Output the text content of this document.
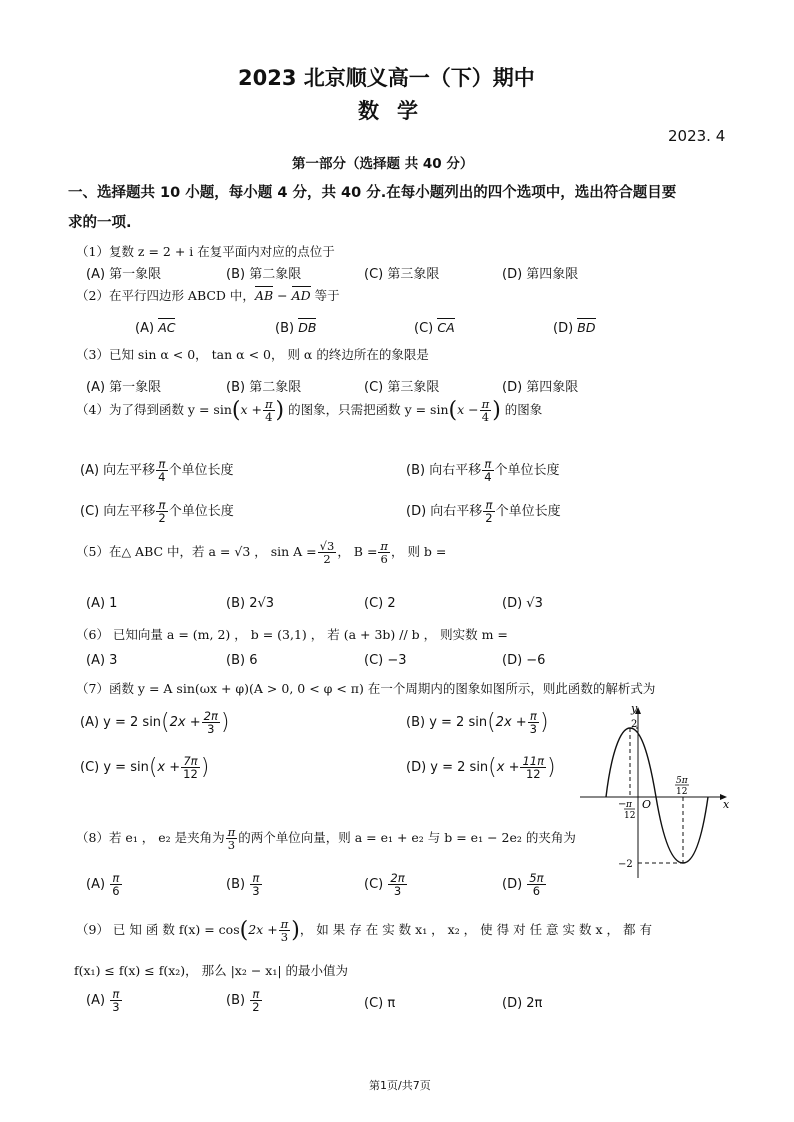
2023 北京顺义高一（下）期中
数学
2023. 4
第一部分（选择题 共 40 分）
一、选择题共 10 小题，每小题 4 分，共 40 分.在每小题列出的四个选项中，选出符合题目要
求的一项.
（1）复数 z = 2 + i 在复平面内对应的点位于
(A) 第一象限	(B) 第二象限	(C) 第三象限	(D) 第四象限
（2）在平行四边形 ABCD 中，AB − AD 等于
(A) AC	(B) DB	(C) CA	(D) BD
（3）已知 sin α < 0， tan α < 0， 则 α 的终边所在的象限是
(A) 第一象限	(B) 第二象限	(C) 第三象限	(D) 第四象限
（4）为了得到函数 $y = \sin(x + \frac{\pi}{4}$ ) 的图象，只需把函数 $y = \sin(x - \frac{\pi}{4}$ ) 的图象
(A) 向左平移 $\frac{\pi}{4}$ 个单位长度	(B) 向右平移 $\frac{\pi}{4}$ 个单位长度
(C) 向左平移 $\frac{\pi}{2}$ 个单位长度	(D) 向右平移 $\frac{\pi}{2}$ 个单位长度
（5）在△ ABC 中，若 a = √3 ， $\sin A = \frac{√3}{2}$ ， $B = \frac{\pi}{6}$ ， 则 b =
(A) 1	(B) 2√3	(C) 2	(D) √3
（6） 已知向量 a = (m, 2) ， b = (3,1) ， 若 (a + 3b) // b ， 则实数 m =
(A) 3	(B) 6	(C) −3	(D) −6
（7）函数 y = A sin(ωx + φ)(A > 0, 0 < φ < π) 在一个周期内的图象如图所示，则此函数的解析式为
(A) y = 2 $\sin(2x + \frac{2\pi}{3}$ )	(B) y = 2 $\sin(2x + \frac{\pi}{3}$ )
(C) $y = \sin(x + \frac{7\pi}{12}$ )	(D) y = 2 $\sin(x + \frac{11\pi}{12}$ )
y
x
O
2
−2
− π
12
5π
12
（8）若 e₁ ， e₂ 是夹角为 $\frac{\pi}{3}$ 的两个单位向量，则 a = e₁ + e₂ 与 b = e₁ − 2e₂ 的夹角为
$(A) \frac{\pi}{6}$	$(B) \frac{\pi}{3}$	$(C) \frac{2\pi}{3}$	$(D) \frac{5\pi}{6}$
（9） 已 知 函 数 $f(x) = \cos(2x + \frac{\pi}{3}$ )， 如 果 存 在 实 数 x₁ ， x₂ ， 使 得 对 任 意 实 数 x ， 都 有
f(x₁) ≤ f(x) ≤ f(x₂)， 那么 |x₂ − x₁| 的最小值为
$(A) \frac{\pi}{3}$	$(B) \frac{\pi}{2}$	(C) π	(D) 2π
第1页/共7页
